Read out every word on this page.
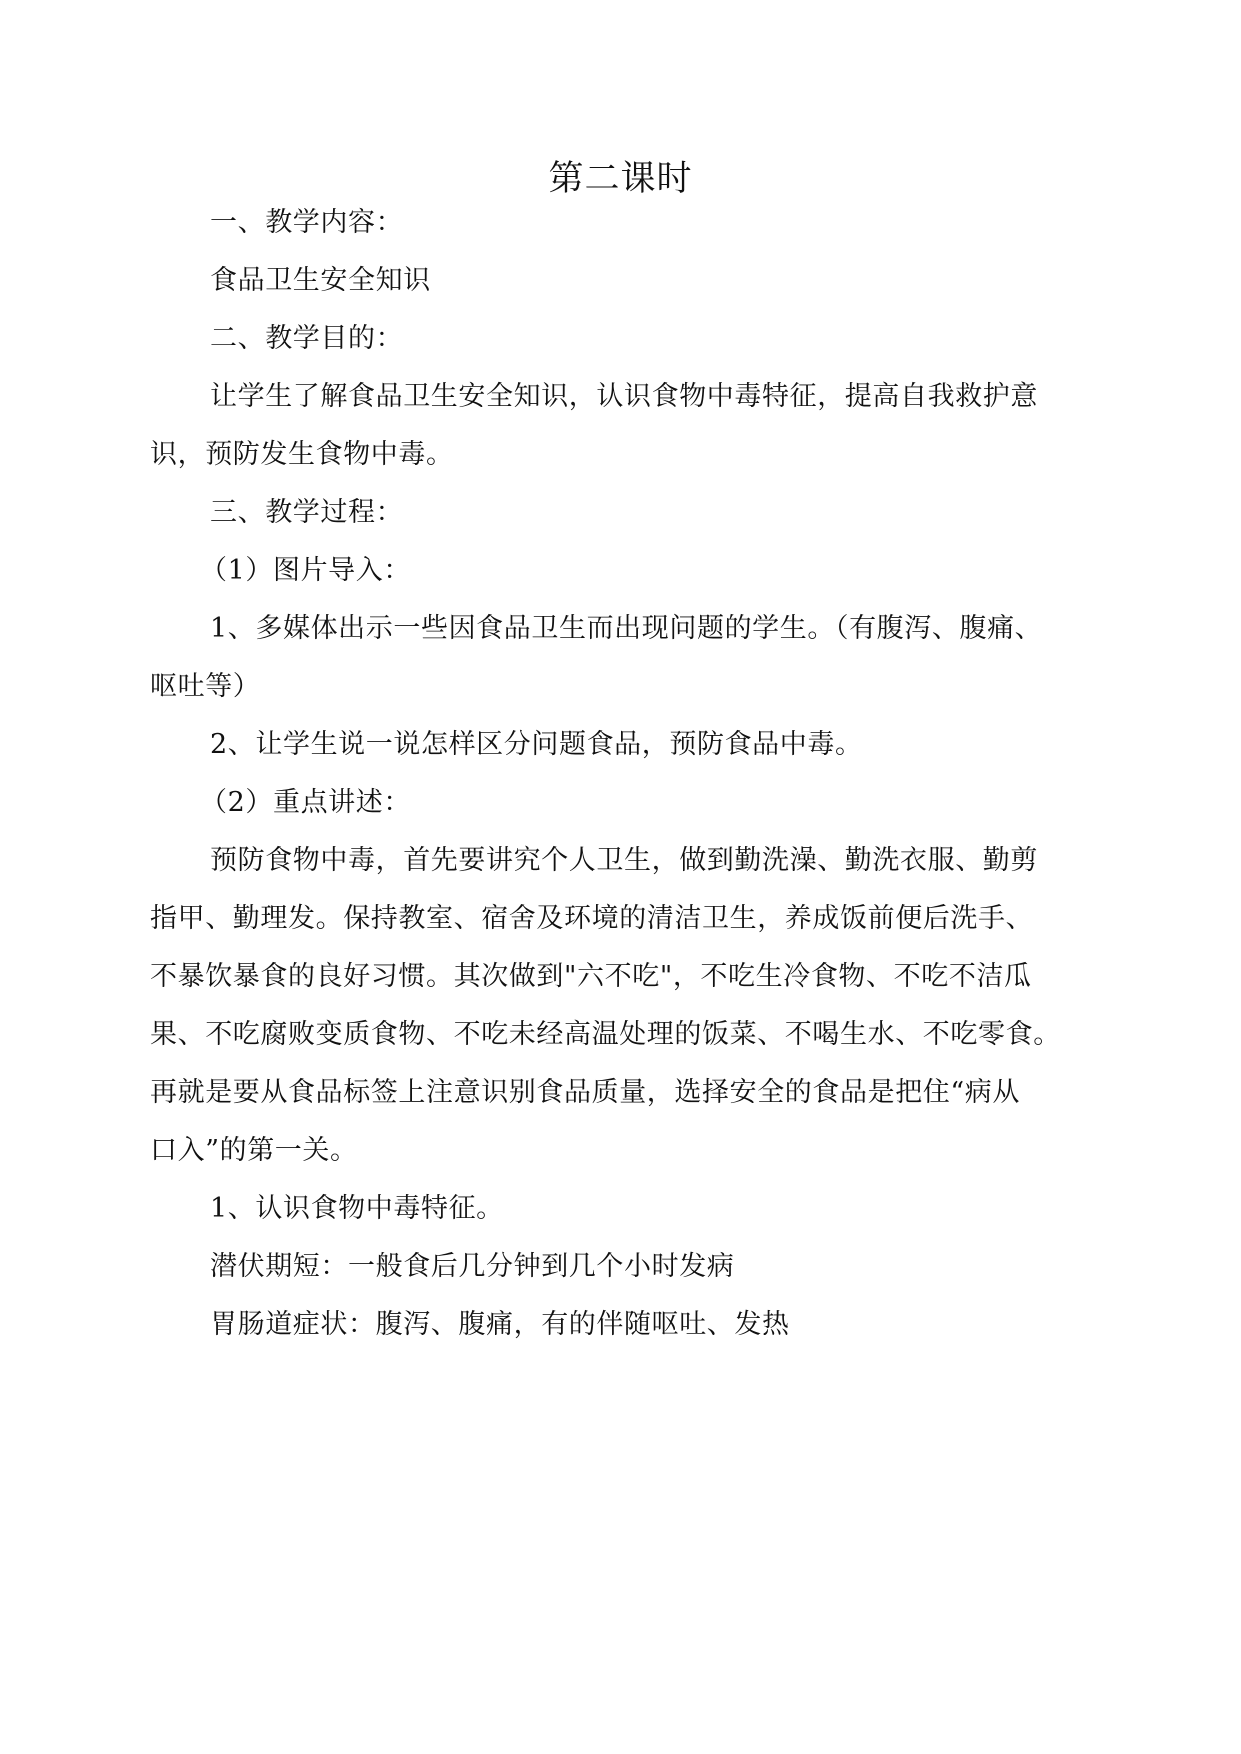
第二课时
一、教学内容：
食品卫生安全知识
二、教学目的：
让学生了解食品卫生安全知识，认识食物中毒特征，提高自我救护意
识，预防发生食物中毒。
三、教学过程：
（1）图片导入：
1、多媒体出示一些因食品卫生而出现问题的学生。（有腹泻、腹痛、
呕吐等）
2、让学生说一说怎样区分问题食品，预防食品中毒。
（2）重点讲述：
预防食物中毒，首先要讲究个人卫生，做到勤洗澡、勤洗衣服、勤剪
指甲、勤理发。保持教室、宿舍及环境的清洁卫生，养成饭前便后洗手、
不暴饮暴食的良好习惯。其次做到"六不吃"，不吃生冷食物、不吃不洁瓜
果、不吃腐败变质食物、不吃未经高温处理的饭菜、不喝生水、不吃零食。
再就是要从食品标签上注意识别食品质量，选择安全的食品是把住“病从
口入”的第一关。
1、认识食物中毒特征。
潜伏期短：一般食后几分钟到几个小时发病
胃肠道症状：腹泻、腹痛，有的伴随呕吐、发热
